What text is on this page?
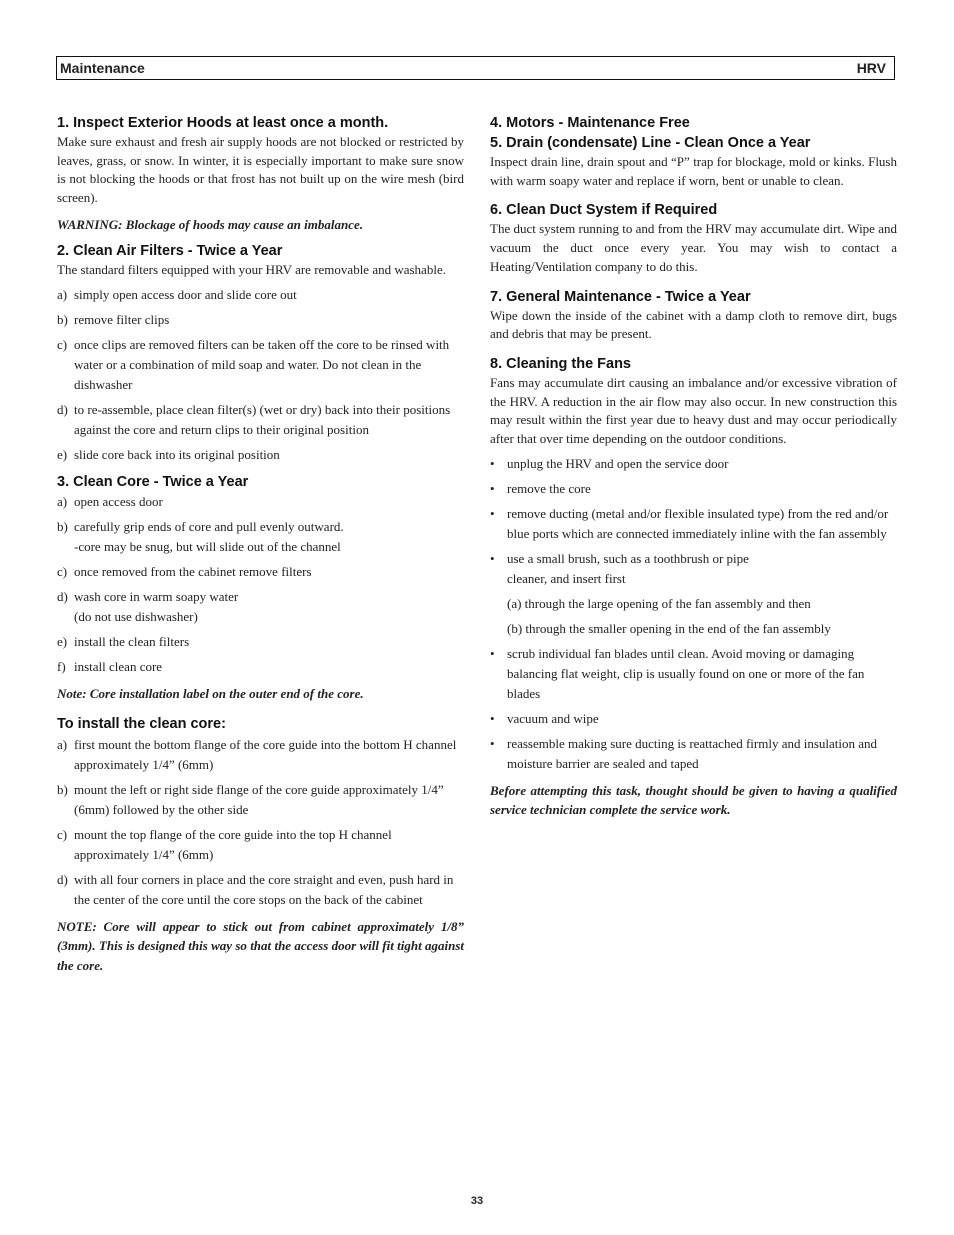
Maintenance	HRV
1. Inspect Exterior Hoods at least once a month.

Make sure exhaust and fresh air supply hoods are not blocked or restricted by leaves, grass, or snow. In winter, it is especially important to make sure snow is not blocking the hoods or that frost has not built up on the wire mesh (bird screen).

WARNING: Blockage of hoods may cause an imbalance.

2. Clean Air Filters - Twice a Year

The standard filters equipped with your HRV are removable and washable.

a) simply open access door and slide core out
b) remove filter clips
c) once clips are removed filters can be taken off the core to be rinsed with water or a combination of mild soap and water. Do not clean in the dishwasher
d) to re-assemble, place clean filter(s) (wet or dry) back into their positions against the core and return clips to their original position
e) slide core back into its original position
3. Clean Core - Twice a Year
a) open access door
b) carefully grip ends of core and pull evenly outward.
-core may be snug, but will slide out of the channel
c) once removed from the cabinet remove filters
d) wash core in warm soapy water
(do not use dishwasher)
e) install the clean filters
f) install clean core

Note: Core installation label on the outer end of the core.

To install the clean core:
a) first mount the bottom flange of the core guide into the bottom H channel approximately 1/4” (6mm)
b) mount the left or right side flange of the core guide approximately 1/4” (6mm) followed by the other side
c) mount the top flange of the core guide into the top H channel approximately 1/4” (6mm)
d) with all four corners in place and the core straight and even, push hard in the center of the core until the core stops on the back of the cabinet

NOTE: Core will appear to stick out from cabinet approximately 1/8” (3mm). This is designed this way so that the access door will fit tight against the core.

4. Motors - Maintenance Free
5. Drain (condensate) Line - Clean Once a Year

Inspect drain line, drain spout and “P” trap for blockage, mold or kinks. Flush with warm soapy water and replace if worn, bent or unable to clean.

6. Clean Duct System if Required

The duct system running to and from the HRV may accumulate dirt. Wipe and vacuum the duct once every year. You may wish to contact a Heating/Ventilation company to do this.

7. General Maintenance - Twice a Year

Wipe down the inside of the cabinet with a damp cloth to remove dirt, bugs and debris that may be present.

8. Cleaning the Fans

Fans may accumulate dirt causing an imbalance and/or excessive vibration of the HRV. A reduction in the air flow may also occur. In new construction this may result within the first year due to heavy dust and may occur periodically after that over time depending on the outdoor conditions.

• unplug the HRV and open the service door
• remove the core
• remove ducting (metal and/or flexible insulated type) from the red and/or blue ports which are connected immediately inline with the fan assembly
• use a small brush, such as a toothbrush or pipe
cleaner, and insert first
(a) through the large opening of the fan assembly and then
(b) through the smaller opening in the end of the fan assembly
• scrub individual fan blades until clean. Avoid moving or damaging balancing flat weight, clip is usually found on one or more of the fan blades
• vacuum and wipe
• reassemble making sure ducting is reattached firmly and insulation and moisture barrier are sealed and taped

Before attempting this task, thought should be given to having a qualified service technician complete the service work.

33
